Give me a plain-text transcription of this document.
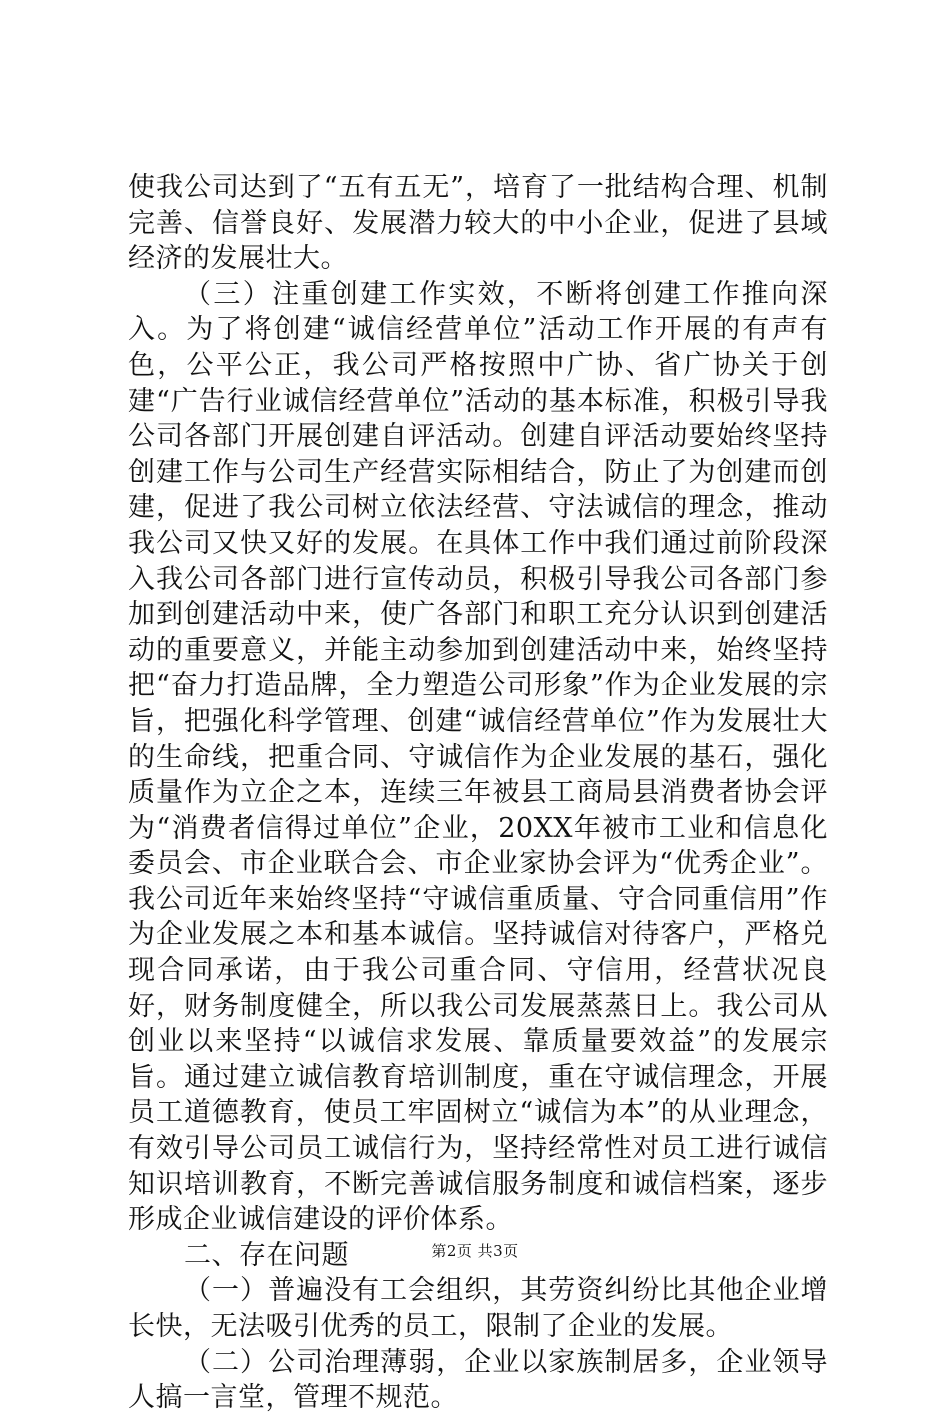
使我公司达到了“五有五无”，培育了一批结构合理、机制完善、信誉良好、发展潜力较大的中小企业，促进了县域经济的发展壮大。

（三）注重创建工作实效，不断将创建工作推向深入。为了将创建“诚信经营单位”活动工作开展的有声有色，公平公正，我公司严格按照中广协、省广协关于创建“广告行业诚信经营单位”活动的基本标准，积极引导我公司各部门开展创建自评活动。创建自评活动要始终坚持创建工作与公司生产经营实际相结合，防止了为创建而创建，促进了我公司树立依法经营、守法诚信的理念，推动我公司又快又好的发展。在具体工作中我们通过前阶段深入我公司各部门进行宣传动员，积极引导我公司各部门参加到创建活动中来，使广各部门和职工充分认识到创建活动的重要意义，并能主动参加到创建活动中来，始终坚持把“奋力打造品牌，全力塑造公司形象”作为企业发展的宗旨，把强化科学管理、创建“诚信经营单位”作为发展壮大的生命线，把重合同、守诚信作为企业发展的基石，强化质量作为立企之本，连续三年被县工商局县消费者协会评为“消费者信得过单位”企业，20XX年被市工业和信息化委员会、市企业联合会、市企业家协会评为“优秀企业”。我公司近年来始终坚持“守诚信重质量、守合同重信用”作为企业发展之本和基本诚信。坚持诚信对待客户，严格兑现合同承诺，由于我公司重合同、守信用，经营状况良好，财务制度健全，所以我公司发展蒸蒸日上。我公司从创业以来坚持“以诚信求发展、靠质量要效益”的发展宗旨。通过建立诚信教育培训制度，重在守诚信理念，开展员工道德教育，使员工牢固树立“诚信为本”的从业理念，有效引导公司员工诚信行为，坚持经常性对员工进行诚信知识培训教育，不断完善诚信服务制度和诚信档案，逐步形成企业诚信建设的评价体系。

二、存在问题

（一）普遍没有工会组织，其劳资纠纷比其他企业增长快，无法吸引优秀的员工，限制了企业的发展。

（二）公司治理薄弱，企业以家族制居多，企业领导人搞一言堂，管理不规范。

第2页 共3页
